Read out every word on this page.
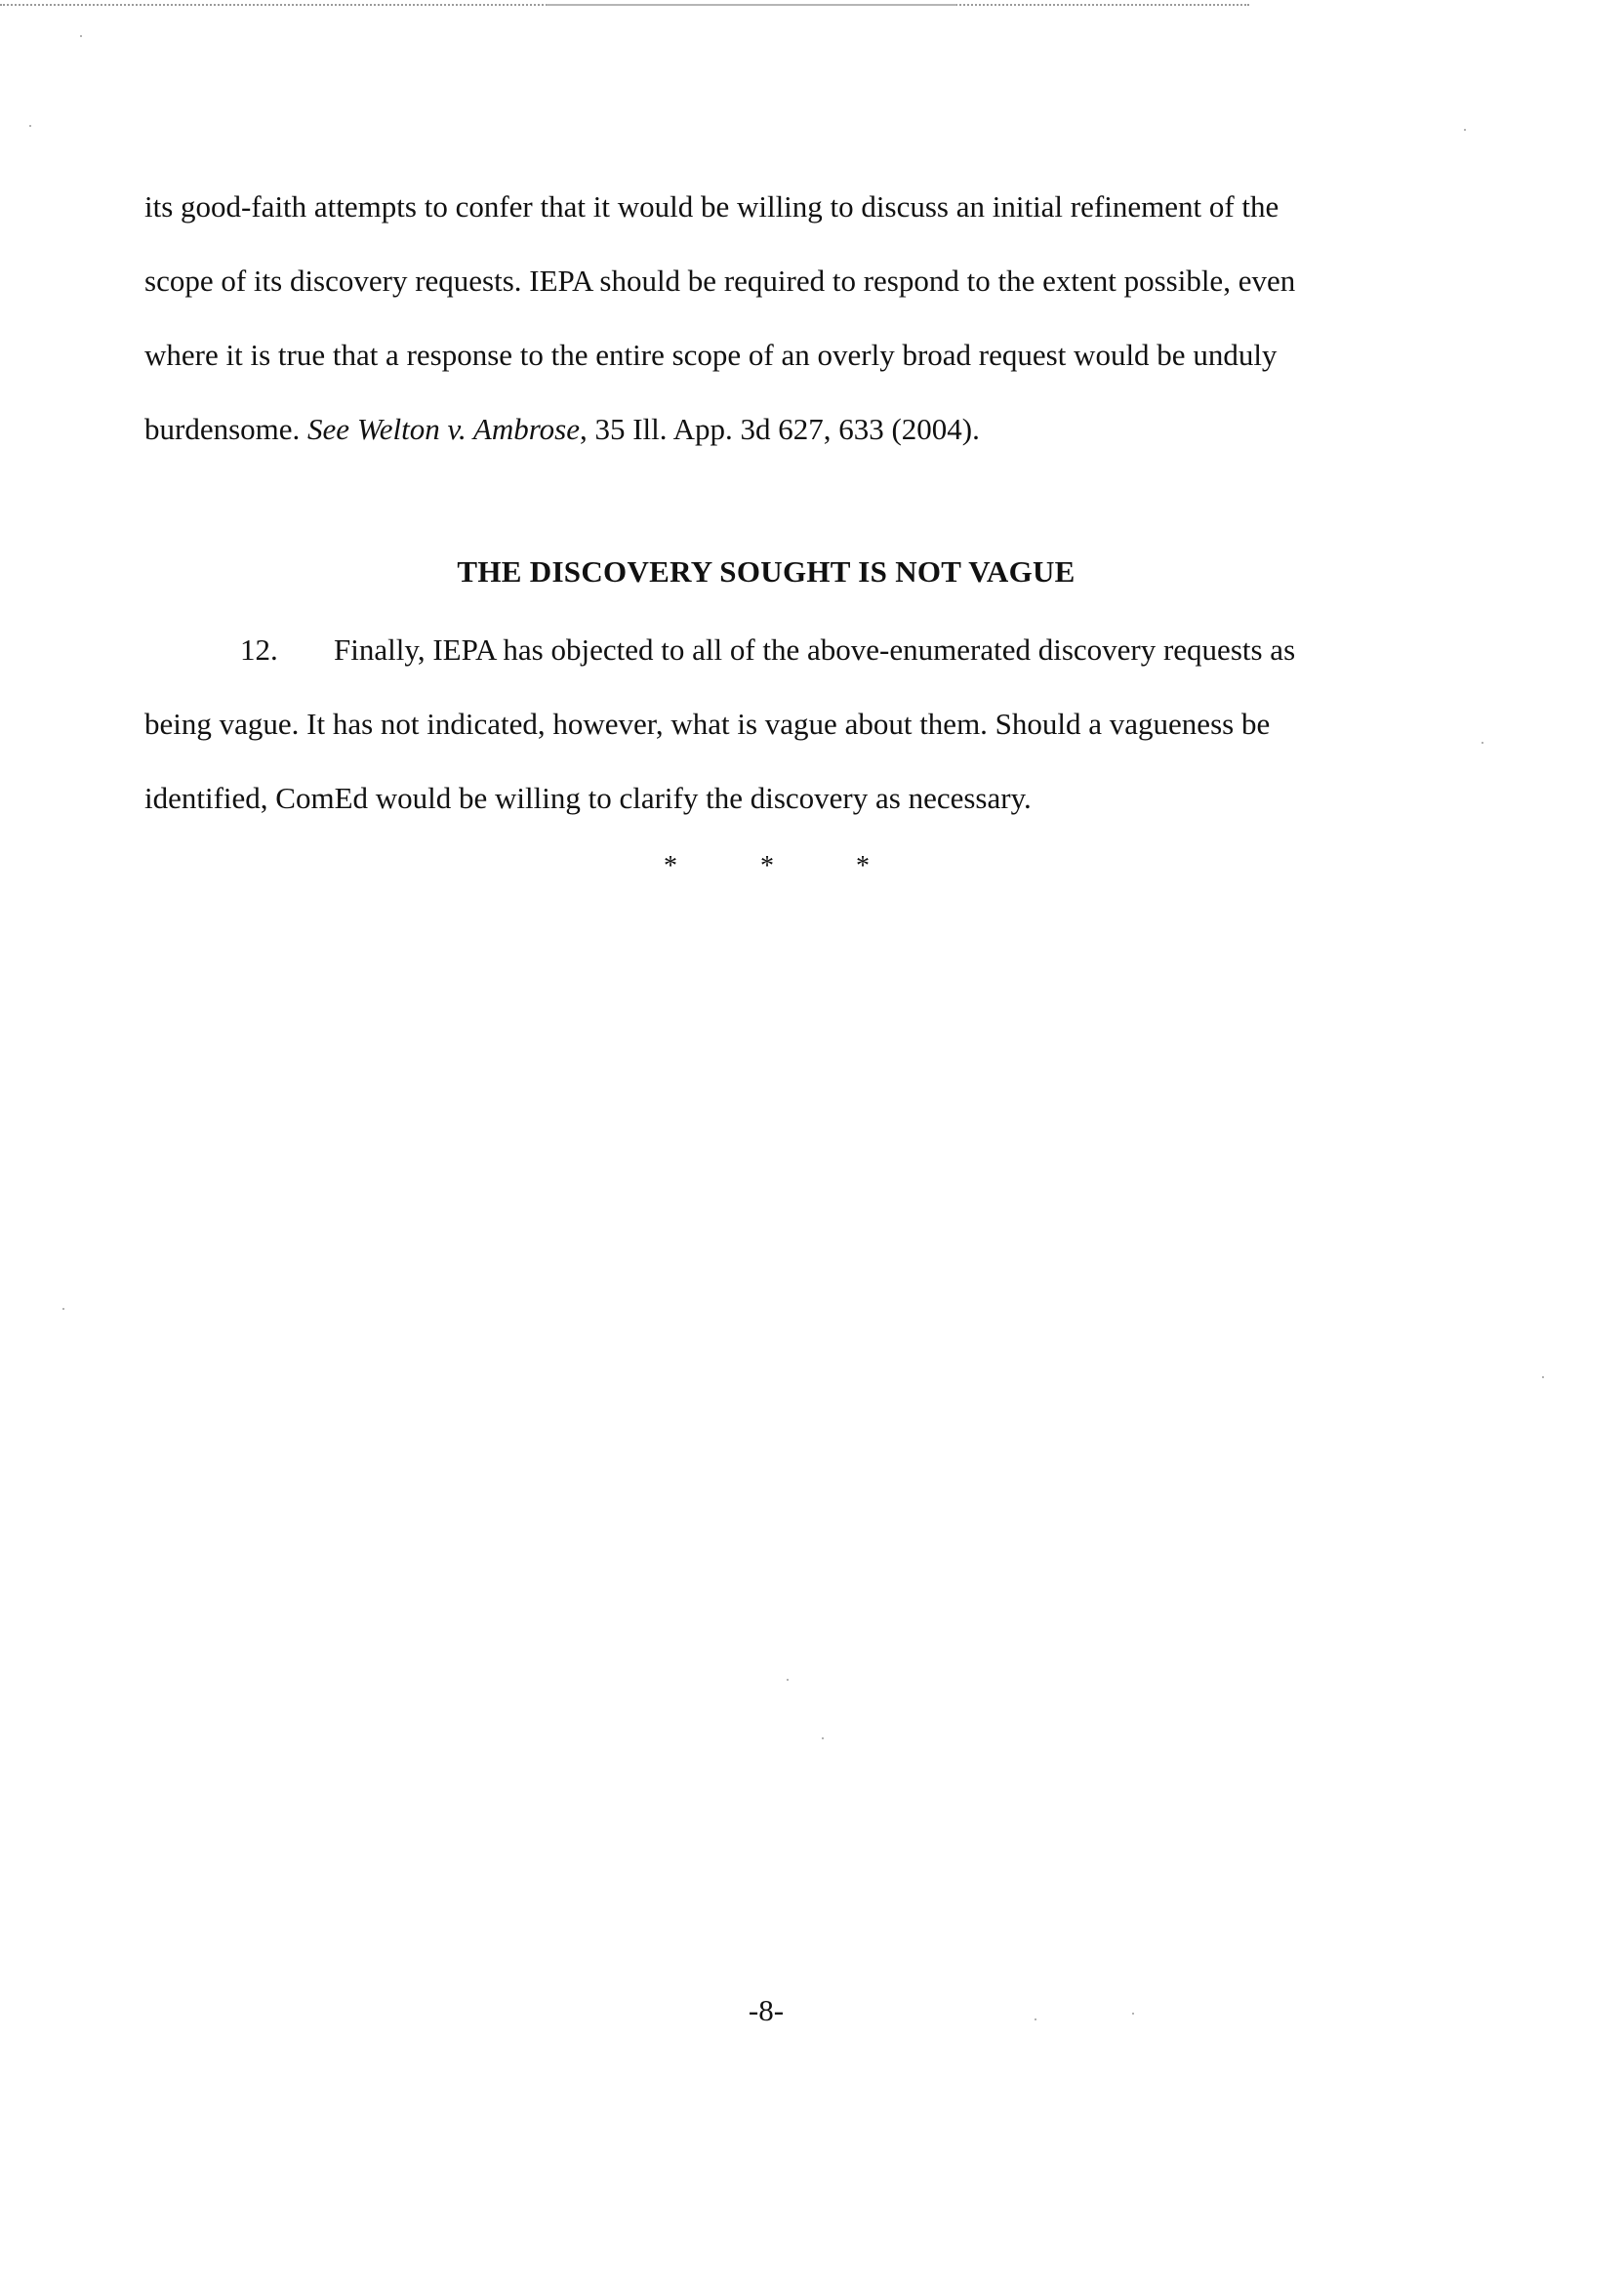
its good-faith attempts to confer that it would be willing to discuss an initial refinement of the
scope of its discovery requests. IEPA should be required to respond to the extent possible, even
where it is true that a response to the entire scope of an overly broad request would be unduly
burdensome. See Welton v. Ambrose, 35 Ill. App. 3d 627, 633 (2004).
THE DISCOVERY SOUGHT IS NOT VAGUE
12. Finally, IEPA has objected to all of the above-enumerated discovery requests as
being vague. It has not indicated, however, what is vague about them. Should a vagueness be
identified, ComEd would be willing to clarify the discovery as necessary.
*	*	*
-8-
